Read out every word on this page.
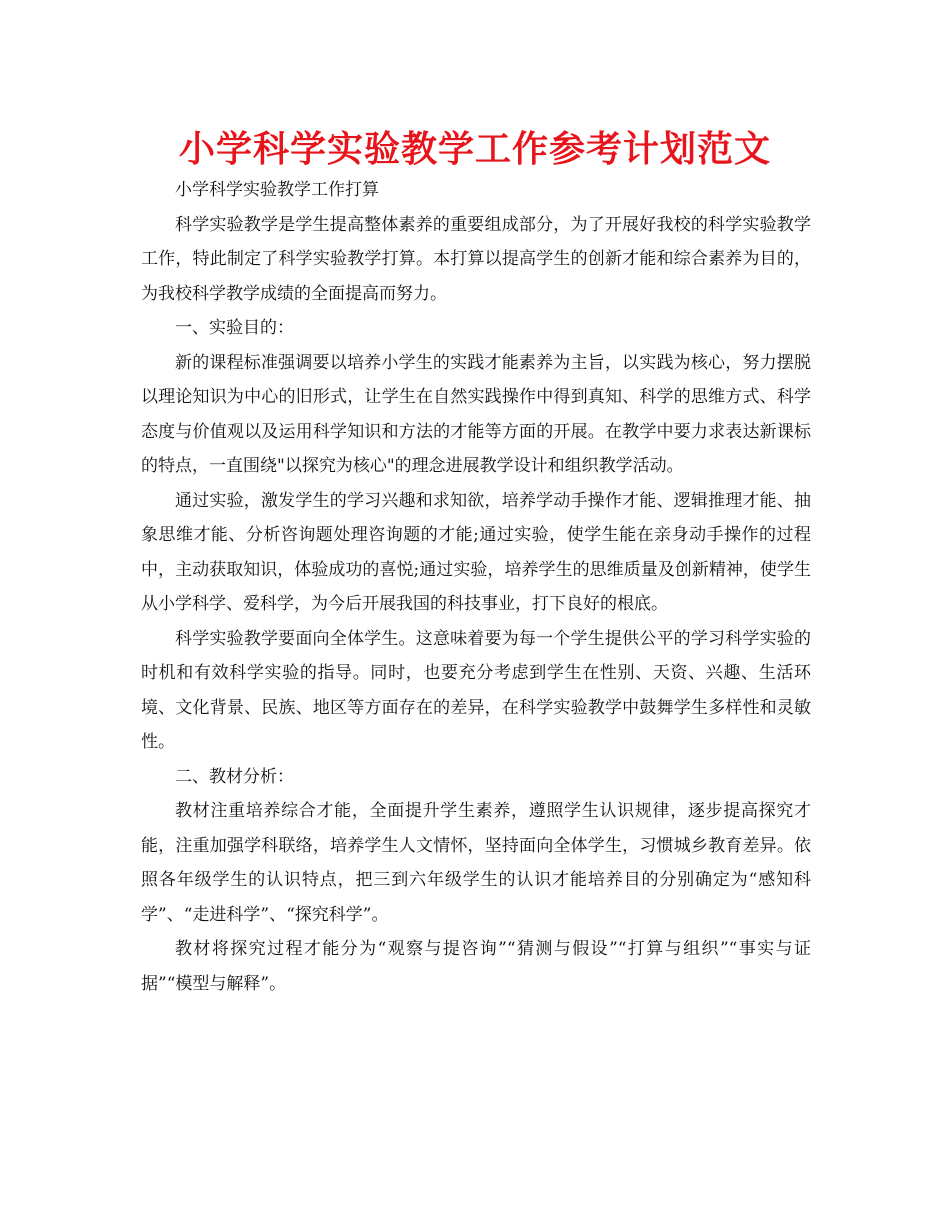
小学科学实验教学工作参考计划范文

小学科学实验教学工作打算

科学实验教学是学生提高整体素养的重要组成部分，为了开展好我校的科学实验教学工作，特此制定了科学实验教学打算。本打算以提高学生的创新才能和综合素养为目的，为我校科学教学成绩的全面提高而努力。

一、实验目的：

新的课程标准强调要以培养小学生的实践才能素养为主旨，以实践为核心，努力摆脱以理论知识为中心的旧形式，让学生在自然实践操作中得到真知、科学的思维方式、科学态度与价值观以及运用科学知识和方法的才能等方面的开展。在教学中要力求表达新课标的特点，一直围绕"以探究为核心"的理念进展教学设计和组织教学活动。

通过实验，激发学生的学习兴趣和求知欲，培养学动手操作才能、逻辑推理才能、抽象思维才能、分析咨询题处理咨询题的才能;通过实验，使学生能在亲身动手操作的过程中，主动获取知识，体验成功的喜悦;通过实验，培养学生的思维质量及创新精神，使学生从小学科学、爱科学，为今后开展我国的科技事业，打下良好的根底。

科学实验教学要面向全体学生。这意味着要为每一个学生提供公平的学习科学实验的时机和有效科学实验的指导。同时，也要充分考虑到学生在性别、天资、兴趣、生活环境、文化背景、民族、地区等方面存在的差异，在科学实验教学中鼓舞学生多样性和灵敏性。

二、教材分析：

教材注重培养综合才能，全面提升学生素养，遵照学生认识规律，逐步提高探究才能，注重加强学科联络，培养学生人文情怀，坚持面向全体学生，习惯城乡教育差异。依照各年级学生的认识特点，把三到六年级学生的认识才能培养目的分别确定为“感知科学”、“走进科学”、“探究科学”。

教材将探究过程才能分为“观察与提咨询”“猜测与假设”“打算与组织”“事实与证据”“模型与解释”。
